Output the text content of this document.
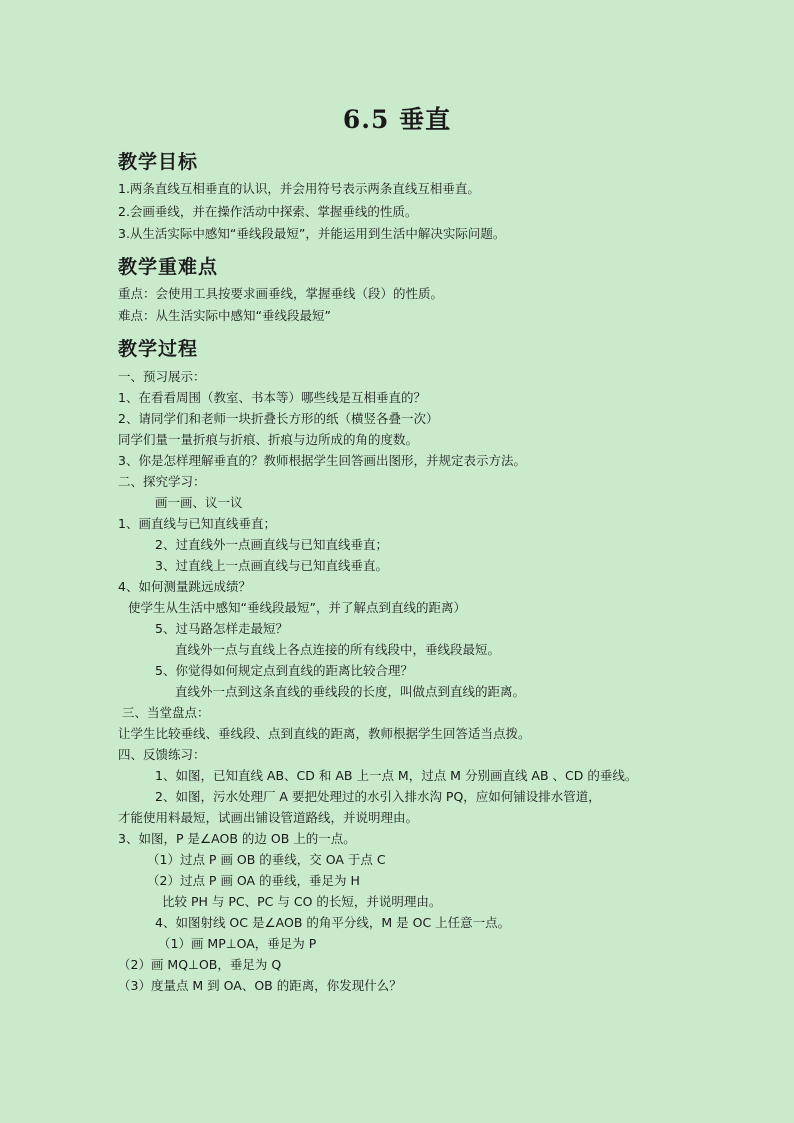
6.5 垂直
教学目标
1.两条直线互相垂直的认识，并会用符号表示两条直线互相垂直。
2.会画垂线，并在操作活动中探索、掌握垂线的性质。
3.从生活实际中感知“垂线段最短”，并能运用到生活中解决实际问题。
教学重难点
重点：会使用工具按要求画垂线，掌握垂线（段）的性质。
难点：从生活实际中感知“垂线段最短”
教学过程
一、预习展示：
1、在看看周围（教室、书本等）哪些线是互相垂直的？
2、请同学们和老师一块折叠长方形的纸（横竖各叠一次）
同学们量一量折痕与折痕、折痕与边所成的角的度数。
3、你是怎样理解垂直的？教师根据学生回答画出图形，并规定表示方法。
二、探究学习：
画一画、议一议
1、画直线与已知直线垂直；
2、过直线外一点画直线与已知直线垂直；
3、过直线上一点画直线与已知直线垂直。
4、如何测量跳远成绩？
使学生从生活中感知“垂线段最短”，并了解点到直线的距离）
5、过马路怎样走最短？
直线外一点与直线上各点连接的所有线段中，垂线段最短。
5、你觉得如何规定点到直线的距离比较合理？
直线外一点到这条直线的垂线段的长度，叫做点到直线的距离。
三、当堂盘点：
让学生比较垂线、垂线段、点到直线的距离，教师根据学生回答适当点拨。
四、反馈练习：
1、如图，已知直线 AB、CD 和 AB 上一点 M，过点 M 分别画直线 AB 、CD 的垂线。
2、如图，污水处理厂 A 要把处理过的水引入排水沟 PQ，应如何铺设排水管道，
才能使用料最短，试画出铺设管道路线，并说明理由。
3、如图，P 是∠AOB 的边 OB 上的一点。
（1）过点 P 画 OB 的垂线，交 OA 于点 C
（2）过点 P 画 OA 的垂线，垂足为 H
比较 PH 与 PC、PC 与 CO 的长短，并说明理由。
4、如图射线 OC 是∠AOB 的角平分线，M 是 OC 上任意一点。
（1）画 MP⊥OA，垂足为 P
（2）画 MQ⊥OB，垂足为 Q
（3）度量点 M 到 OA、OB 的距离，你发现什么？
